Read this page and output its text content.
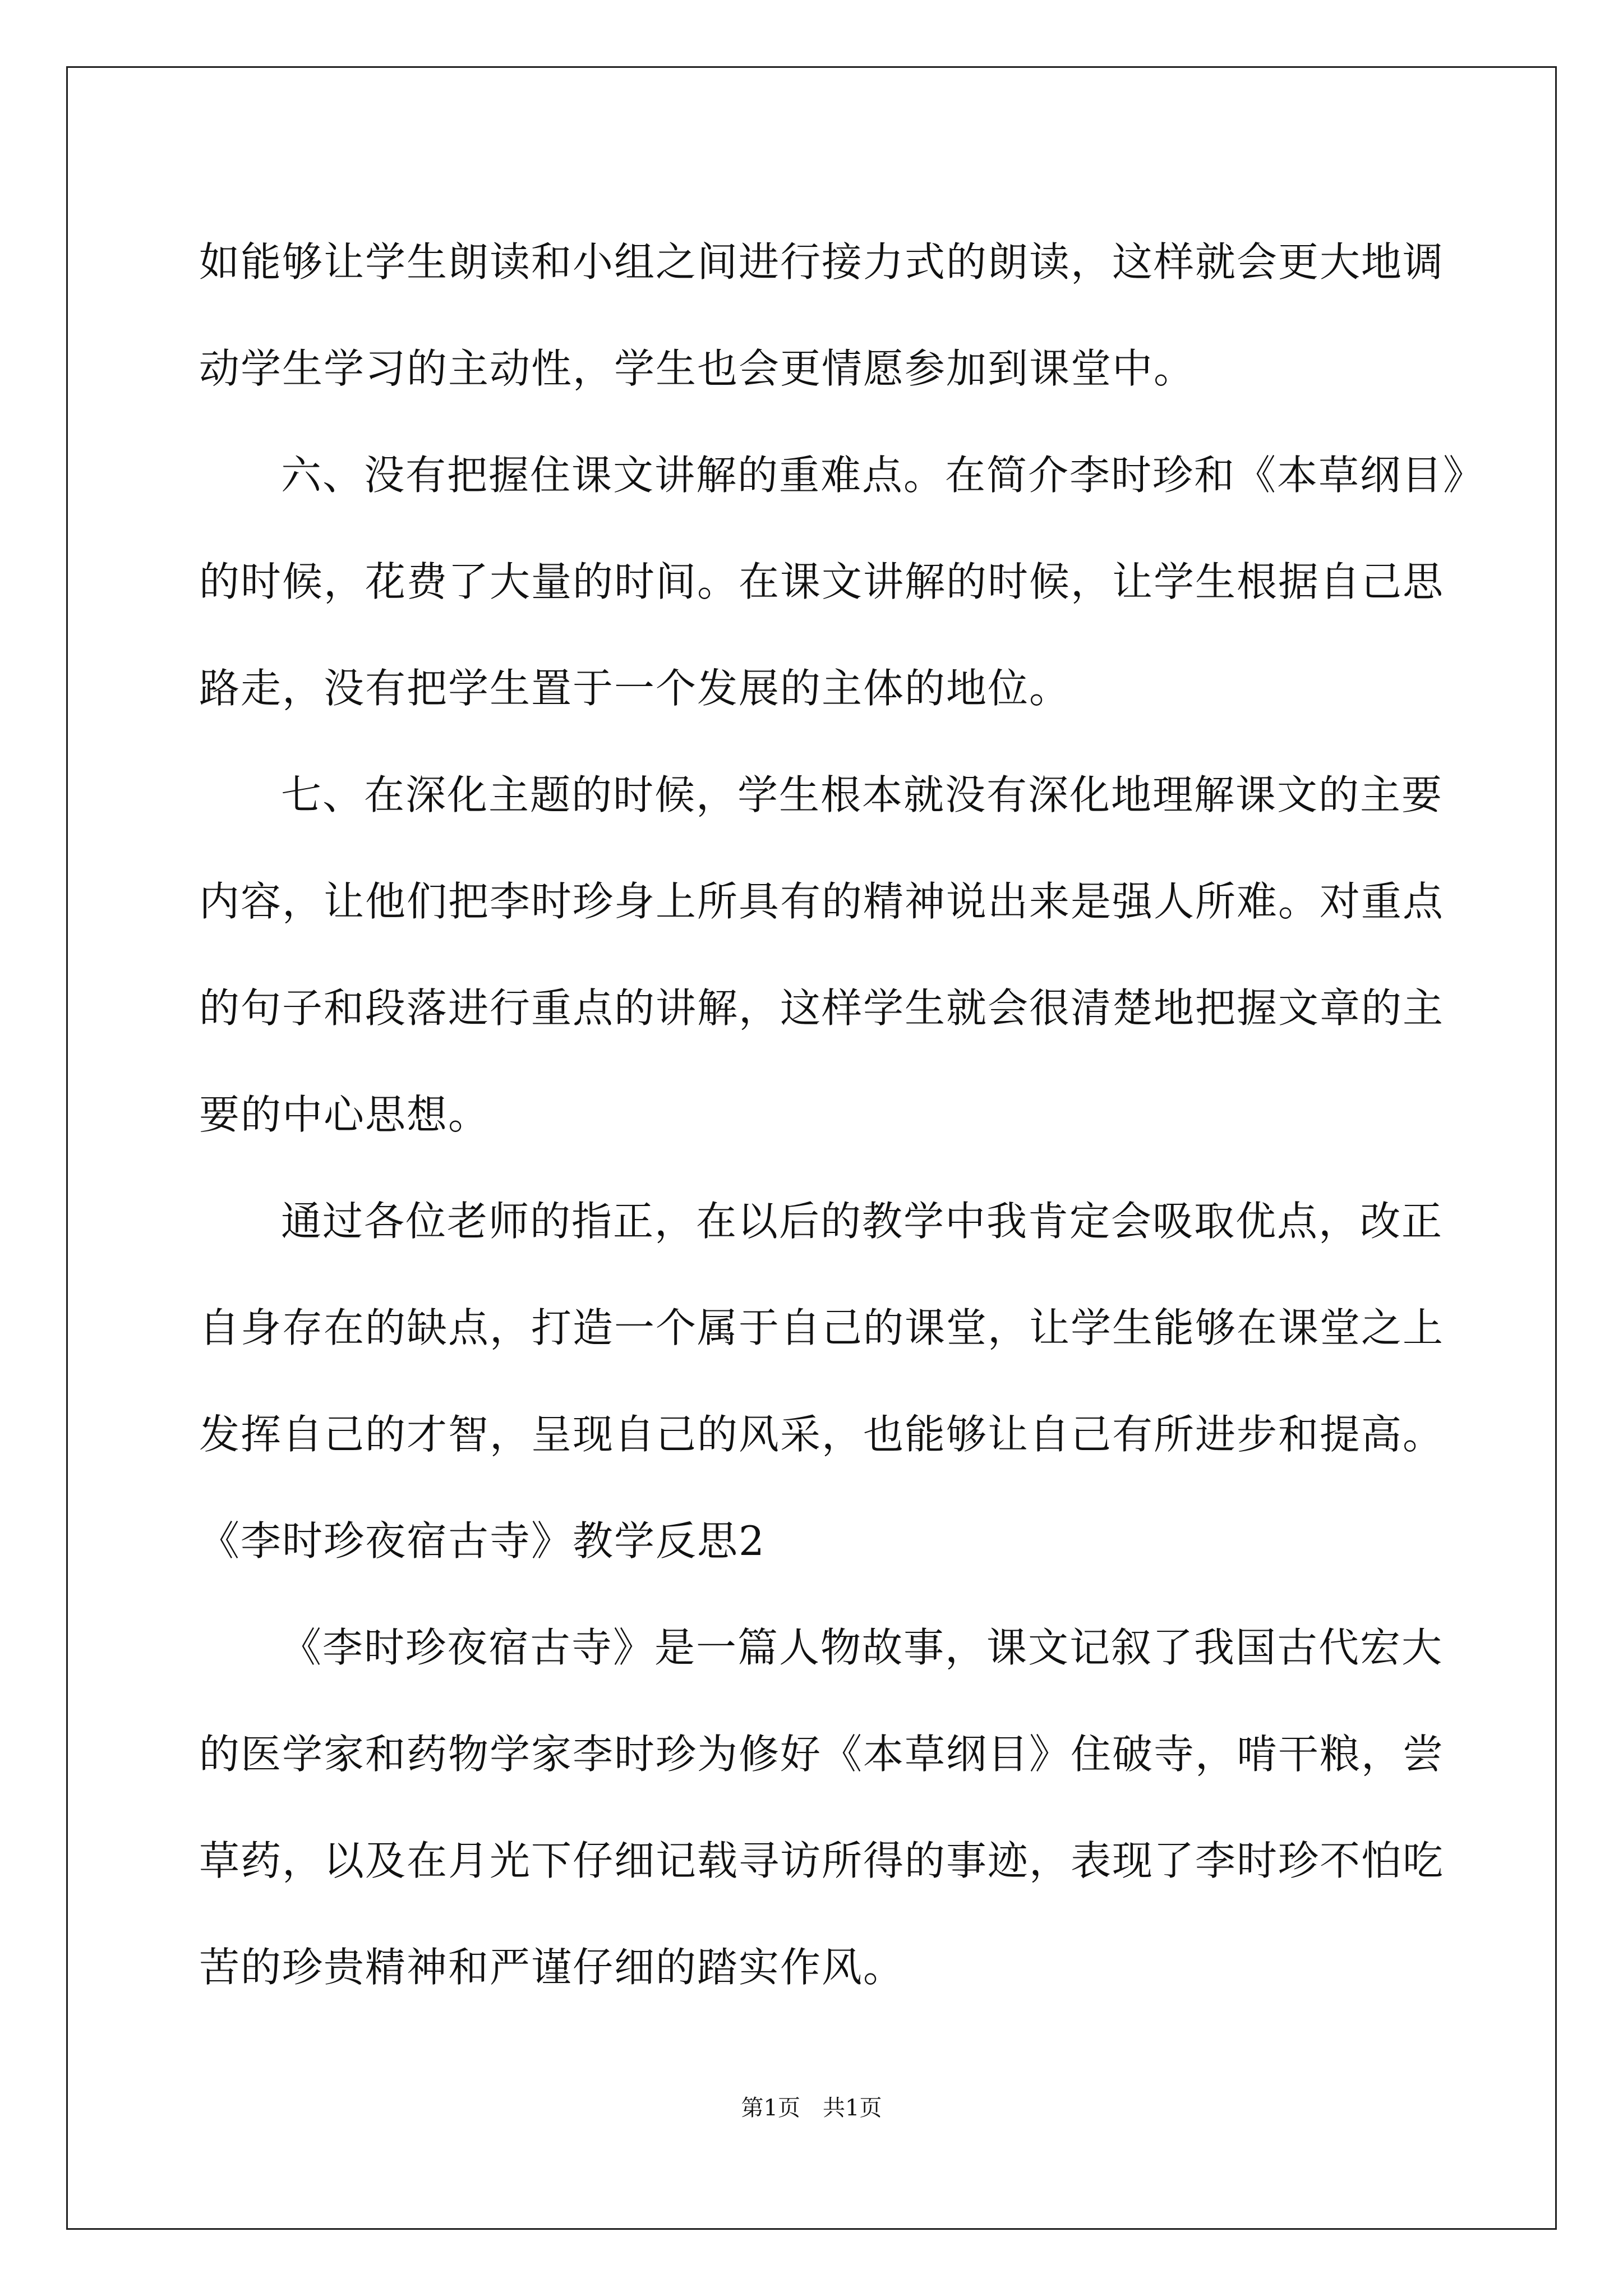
如能够让学生朗读和小组之间进行接力式的朗读，这样就会更大地调
动学生学习的主动性，学生也会更情愿参加到课堂中。
六、没有把握住课文讲解的重难点。在简介李时珍和《本草纲目》
的时候，花费了大量的时间。在课文讲解的时候，让学生根据自己思
路走，没有把学生置于一个发展的主体的地位。
七、在深化主题的时候，学生根本就没有深化地理解课文的主要
内容，让他们把李时珍身上所具有的精神说出来是强人所难。对重点
的句子和段落进行重点的讲解，这样学生就会很清楚地把握文章的主
要的中心思想。
通过各位老师的指正，在以后的教学中我肯定会吸取优点，改正
自身存在的缺点，打造一个属于自己的课堂，让学生能够在课堂之上
发挥自己的才智，呈现自己的风采，也能够让自己有所进步和提高。
《李时珍夜宿古寺》教学反思2
《李时珍夜宿古寺》是一篇人物故事，课文记叙了我国古代宏大
的医学家和药物学家李时珍为修好《本草纲目》住破寺，啃干粮，尝
草药，以及在月光下仔细记载寻访所得的事迹，表现了李时珍不怕吃
苦的珍贵精神和严谨仔细的踏实作风。
第1页　共1页
